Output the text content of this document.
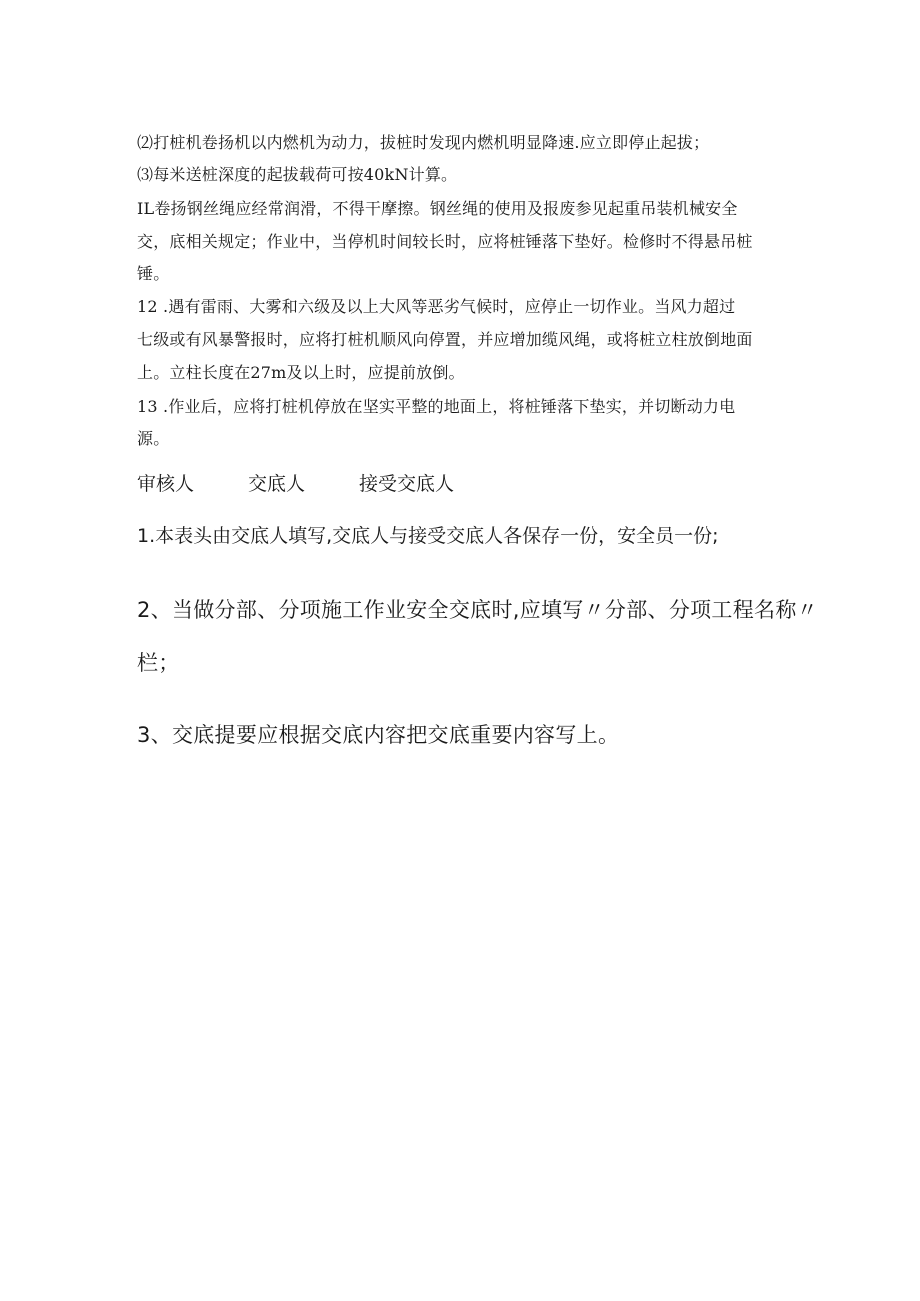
⑵打桩机卷扬机以内燃机为动力，拔桩时发现内燃机明显降速.应立即停止起拔；
⑶每米送桩深度的起拔载荷可按40kN计算。
IL卷扬钢丝绳应经常润滑，不得干摩擦。钢丝绳的使用及报废参见起重吊装机械安全
交，底相关规定；作业中，当停机时间较长时，应将桩锤落下垫好。检修时不得悬吊桩
锤。
12 .遇有雷雨、大雾和六级及以上大风等恶劣气候时，应停止一切作业。当风力超过
七级或有风暴警报时，应将打桩机顺风向停置，并应增加缆风绳，或将桩立柱放倒地面
上。立柱长度在27m及以上时，应提前放倒。
13 .作业后，应将打桩机停放在坚实平整的地面上，将桩锤落下垫实，并切断动力电
源。
审核人	交底人	接受交底人
1.本表头由交底人填写,交底人与接受交底人各保存一份，安全员一份;
2、当做分部、分项施工作业安全交底时,应填写〃分部、分项工程名称〃
栏；
3、交底提要应根据交底内容把交底重要内容写上。
